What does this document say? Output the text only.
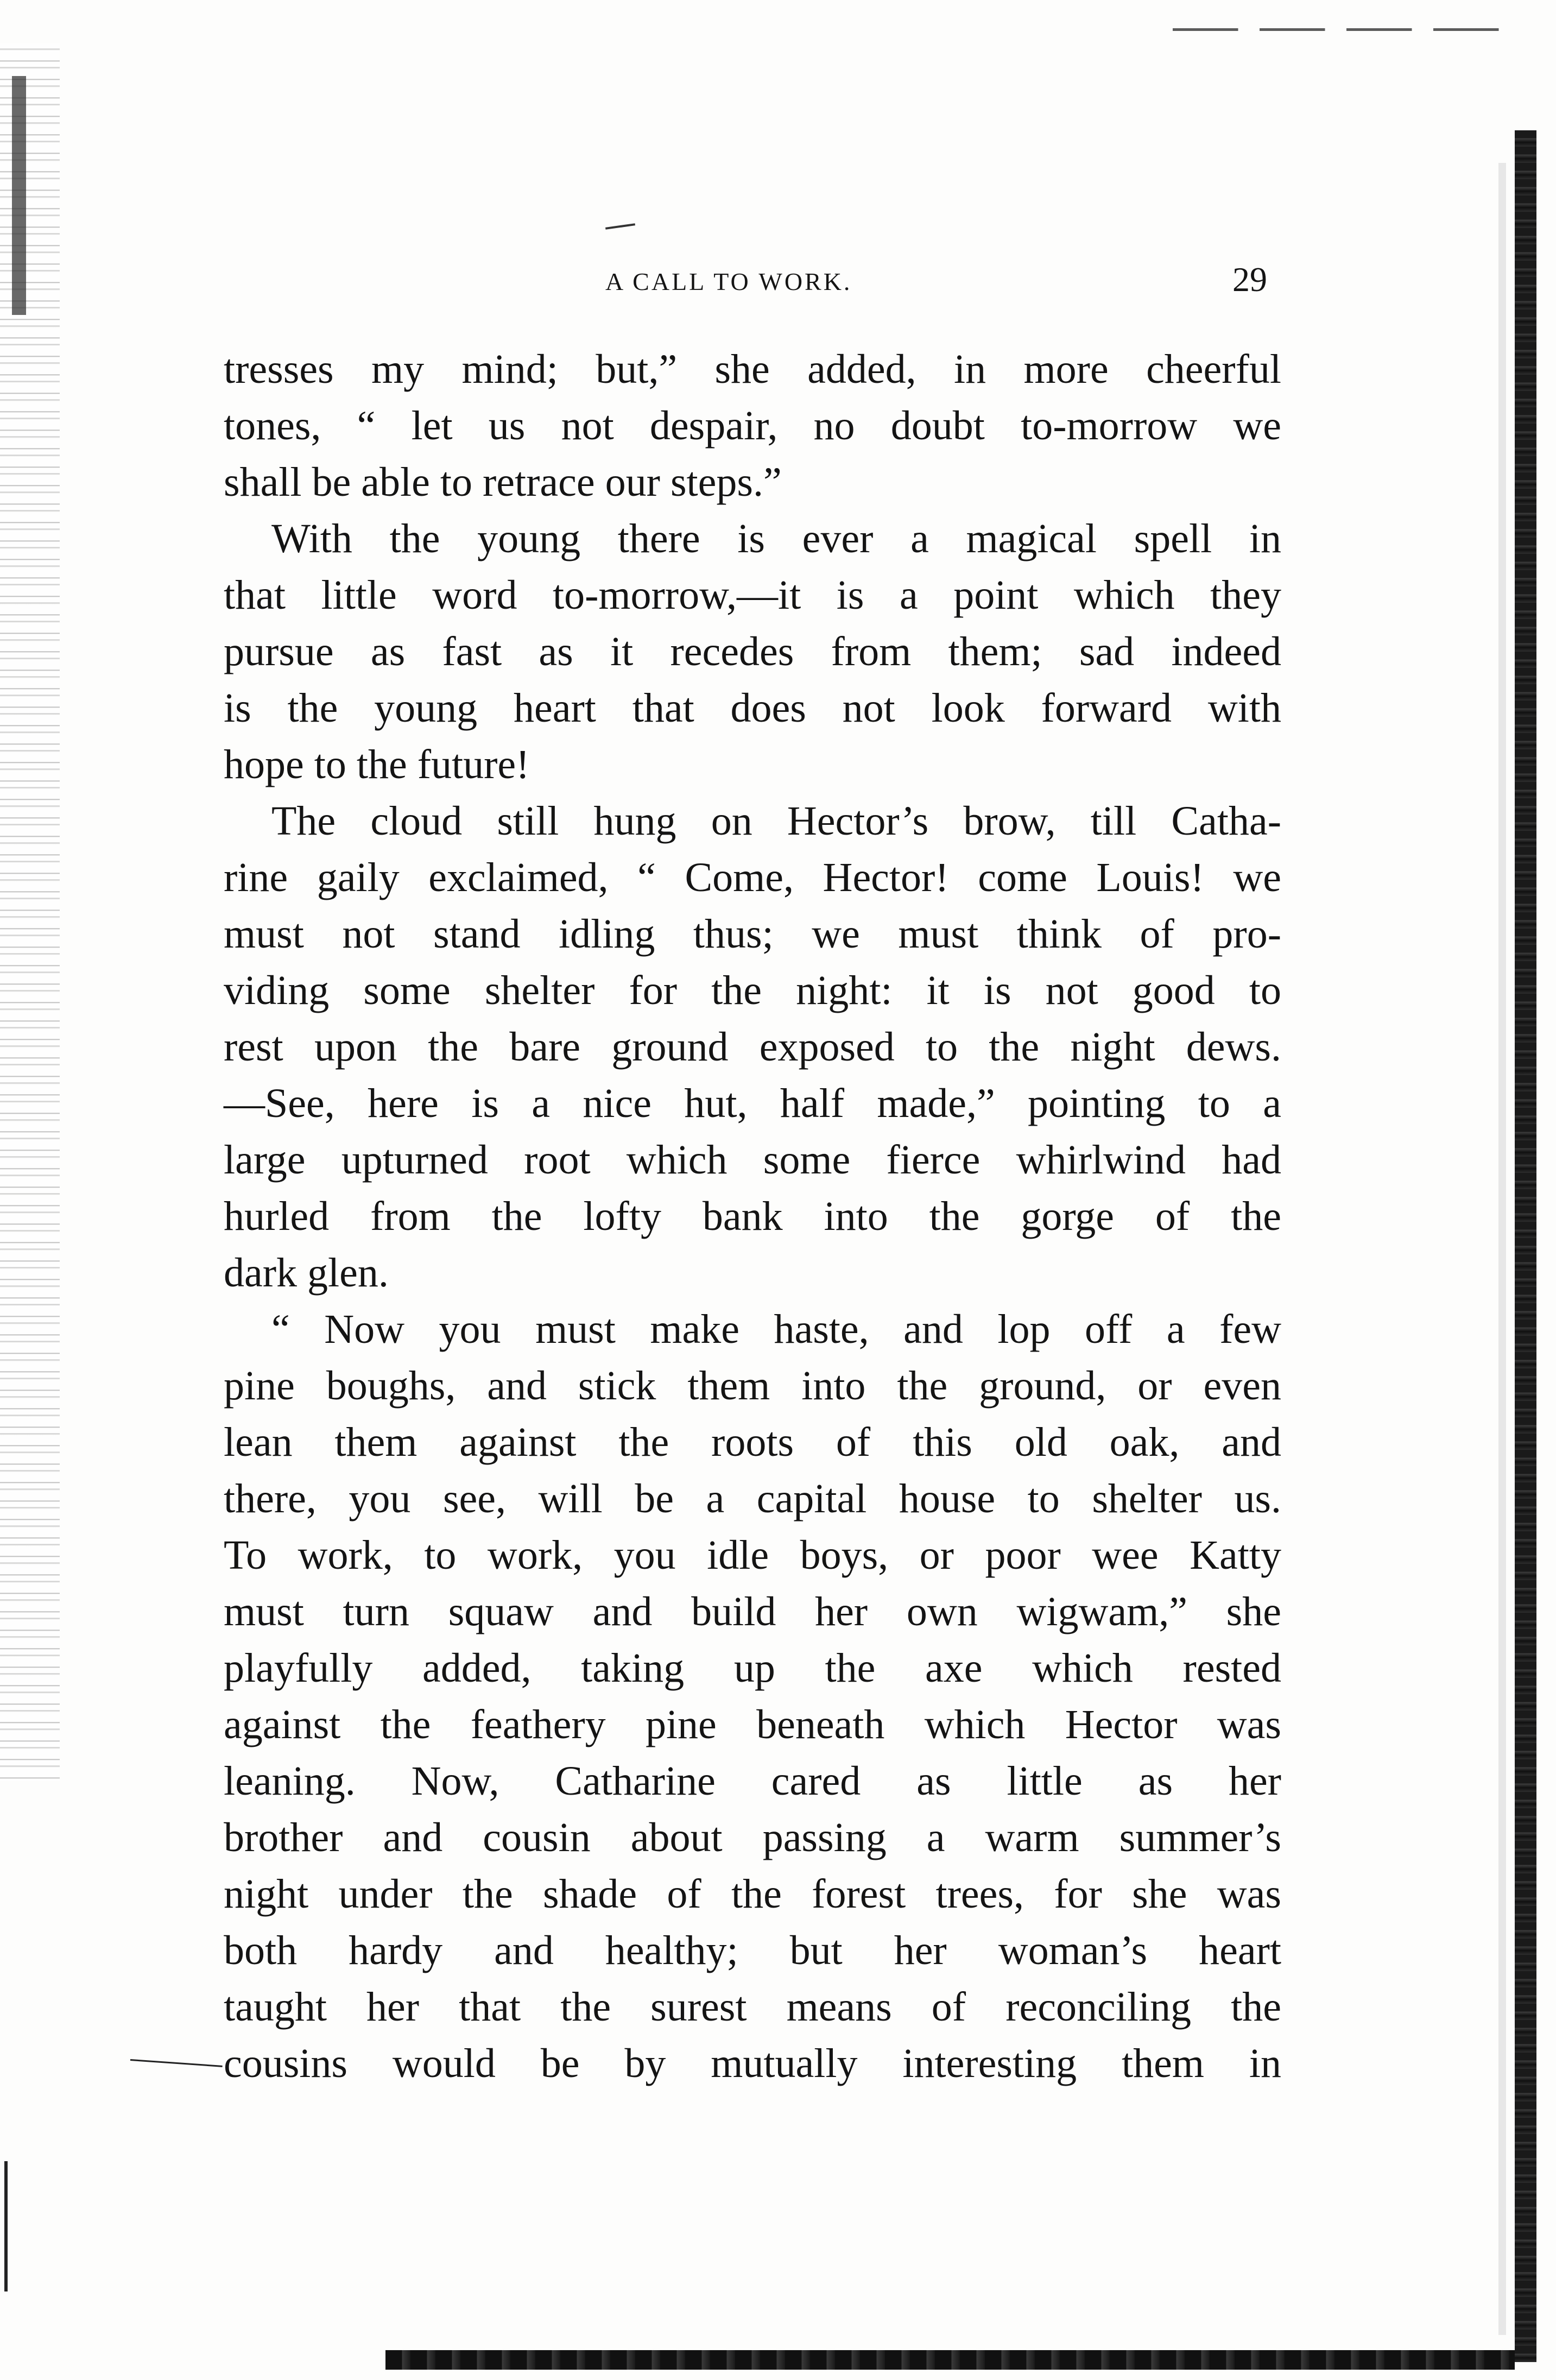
A CALL TO WORK.	29
tresses my mind; but,” she added, in more cheerful
tones, “ let us not despair, no doubt to-morrow we
shall be able to retrace our steps.”
With the young there is ever a magical spell in
that little word to-morrow,—it is a point which they
pursue as fast as it recedes from them; sad indeed
is the young heart that does not look forward with
hope to the future!
The cloud still hung on Hector’s brow, till Catha-
rine gaily exclaimed, “ Come, Hector! come Louis! we
must not stand idling thus; we must think of pro-
viding some shelter for the night: it is not good to
rest upon the bare ground exposed to the night dews.
—See, here is a nice hut, half made,” pointing to a
large upturned root which some fierce whirlwind had
hurled from the lofty bank into the gorge of the
dark glen.
“ Now you must make haste, and lop off a few
pine boughs, and stick them into the ground, or even
lean them against the roots of this old oak, and
there, you see, will be a capital house to shelter us.
To work, to work, you idle boys, or poor wee Katty
must turn squaw and build her own wigwam,” she
playfully added, taking up the axe which rested
against the feathery pine beneath which Hector was
leaning. Now, Catharine cared as little as her
brother and cousin about passing a warm summer’s
night under the shade of the forest trees, for she was
both hardy and healthy; but her woman’s heart
taught her that the surest means of reconciling the
cousins would be by mutually interesting them in
